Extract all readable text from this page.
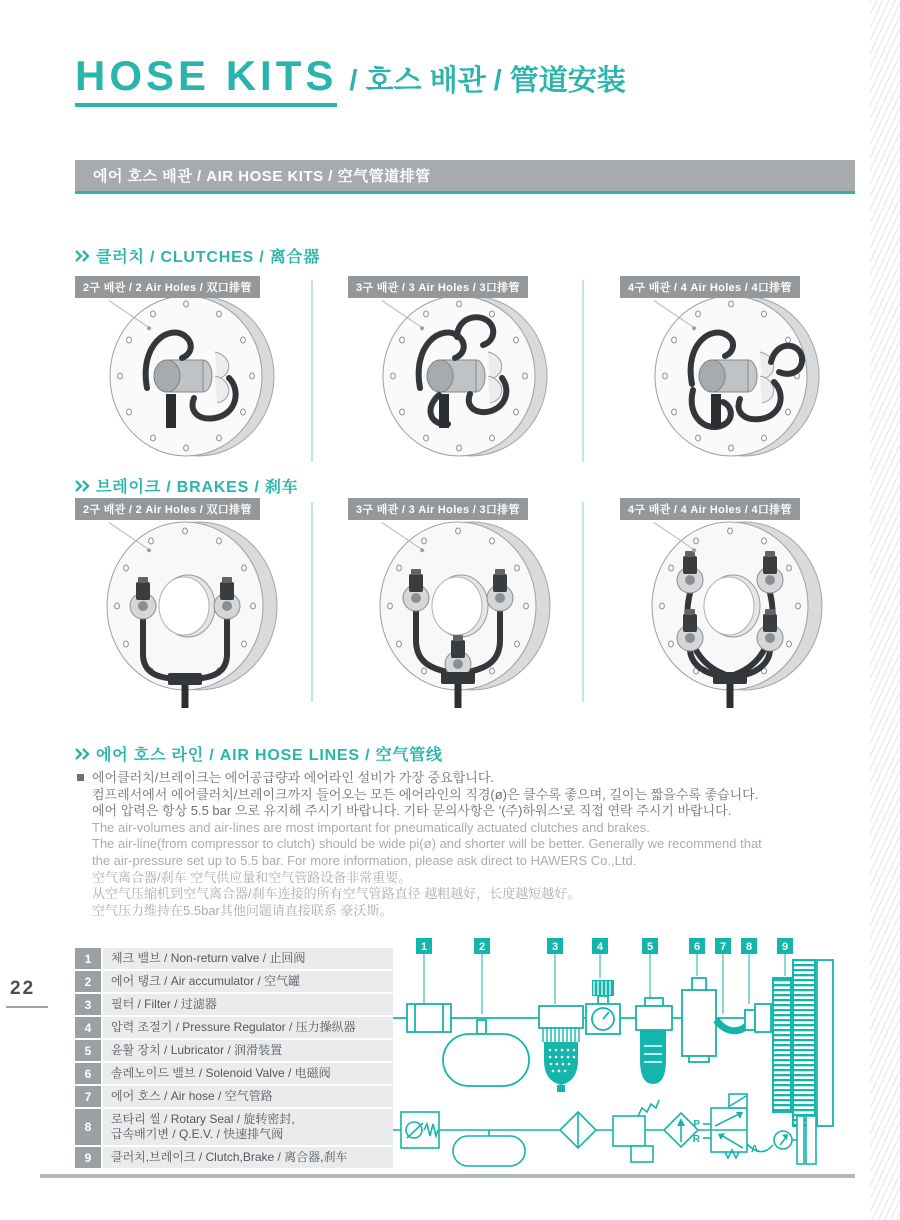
HOSE KITS / 호스 배관 / 管道安装
에어 호스 배관 / AIR HOSE KITS / 空气管道排管
클러치 / CLUTCHES / 离合器
2구 배관 / 2 Air Holes / 双口排管	3구 배관 / 3 Air Holes / 3口排管	4구 배관 / 4 Air Holes / 4口排管
브레이크 / BRAKES / 刹车
2구 배관 / 2 Air Holes / 双口排管	3구 배관 / 3 Air Holes / 3口排管	4구 배관 / 4 Air Holes / 4口排管
에어 호스 라인 / AIR HOSE LINES / 空气管线
에어클러치/브레이크는 에어공급량과 에어라인 설비가 가장 중요합니다.
컴프레서에서 에어클러치/브레이크까지 들어오는 모든 에어라인의 직경(ø)은 클수록 좋으며, 길이는 짧을수록 좋습니다.
에어 압력은 항상 5.5 bar 으로 유지해 주시기 바랍니다. 기타 문의사항은 '(주)하워스'로 직접 연락 주시기 바랍니다.
The air-volumes and air-lines are most important for pneumatically actuated clutches and brakes.
The air-line(from compressor to clutch) should be wide pi(ø) and shorter will be better. Generally we recommend that
the air-pressure set up to 5.5 bar. For more information, please ask direct to HAWERS Co.,Ltd.
空气离合器/刹车 空气供应量和空气管路设备非常重要。
从空气压缩机到空气离合器/刹车连接的所有空气管路直径 越粗越好，长度越短越好。
空气压力维持在5.5bar其他问题请直接联系 豪沃斯。
1	체크 밸브 / Non-return valve / 止回阀
2	에어 탱크 / Air accumulator / 空气罐
3	필터 / Filter / 过滤器
4	압력 조절기 / Pressure Regulator / 压力操纵器
5	윤활 장치 / Lubricator / 润滑装置
6	솔레노이드 밸브 / Solenoid Valve / 电磁阀
7	에어 호스 / Air hose / 空气管路
8
로타리 씰 / Rotary Seal / 旋转密封,
급속배기변 / Q.E.V. / 快速排气阀
9	클러치,브레이크 / Clutch,Brake / 离合器,刹车
1	2	3	4	5	6 7 8	9
P
R
A
22
